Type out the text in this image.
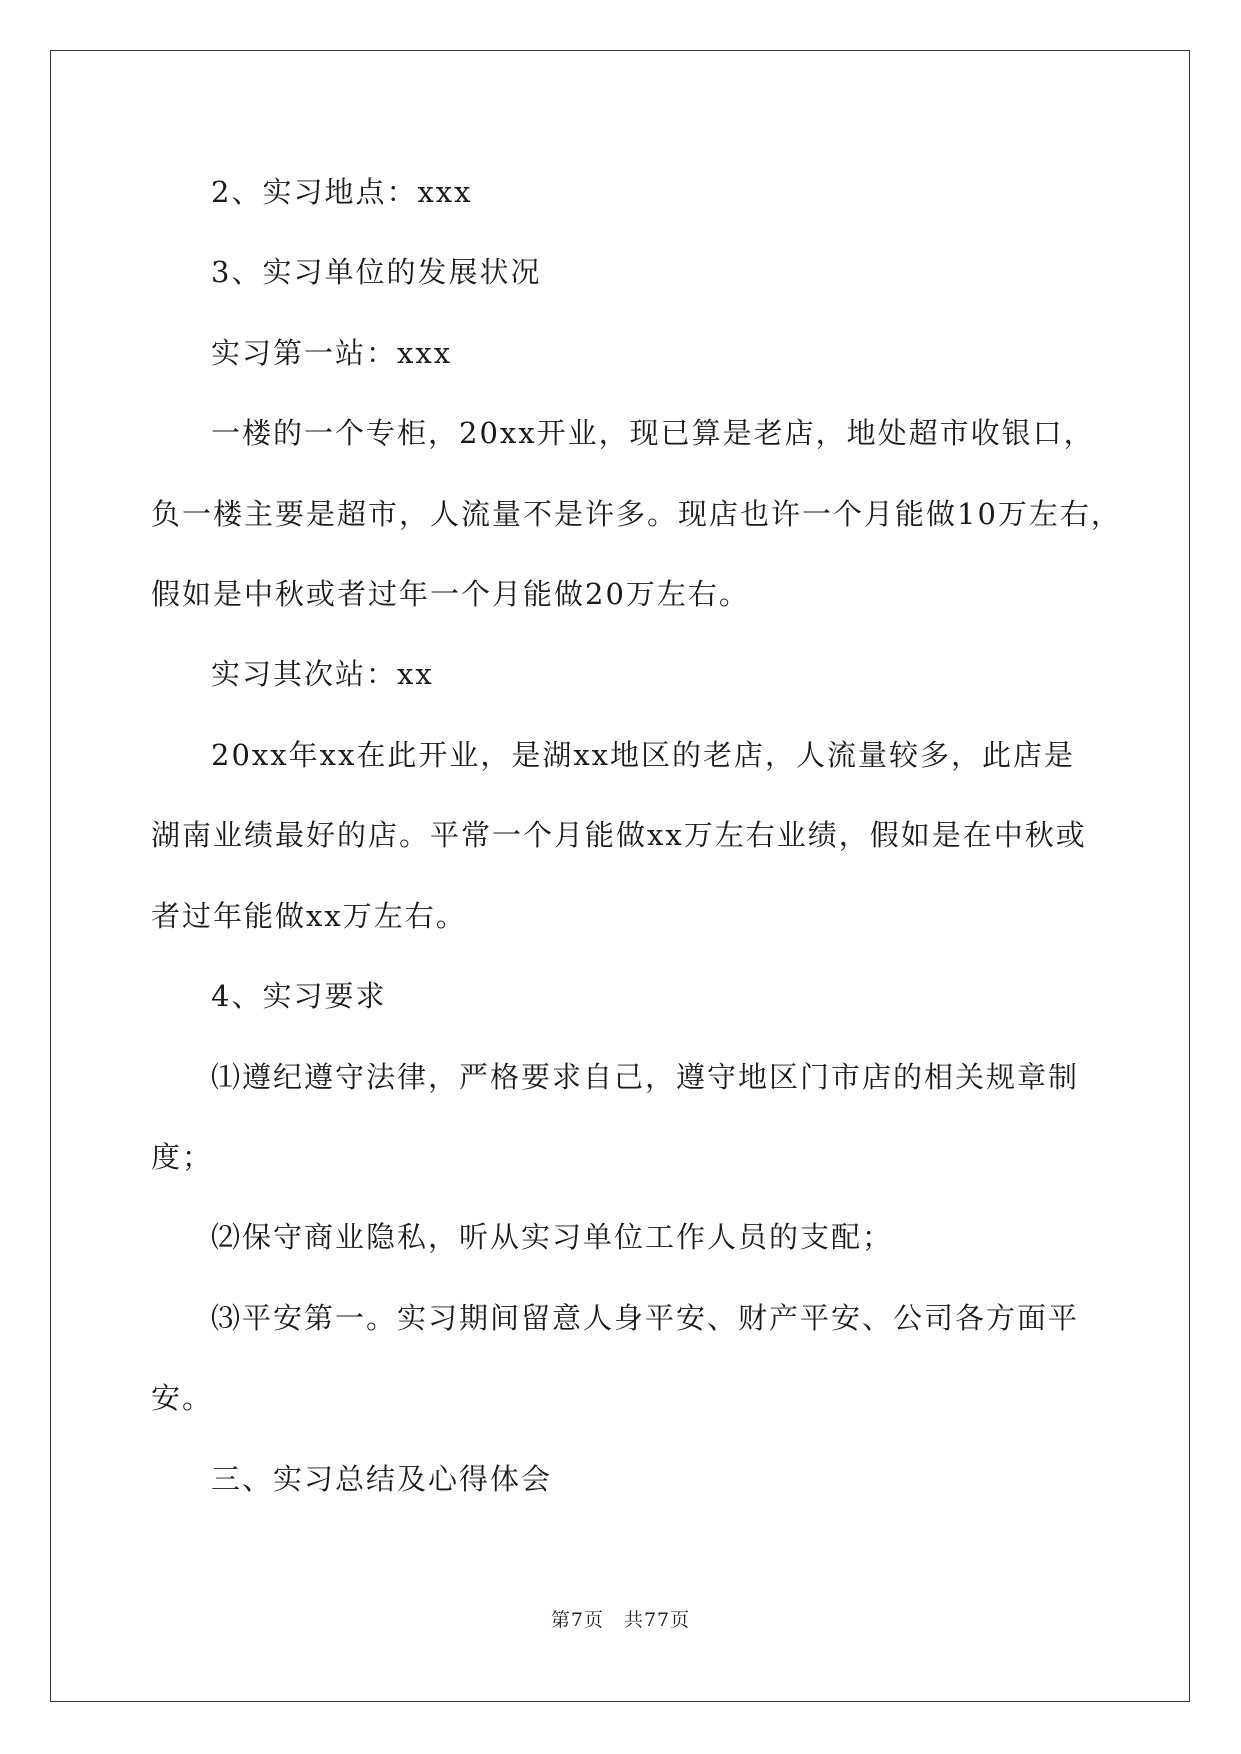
2、实习地点：xxx
3、实习单位的发展状况
实习第一站：xxx
一楼的一个专柜，20xx开业，现已算是老店，地处超市收银口，
负一楼主要是超市，人流量不是许多。现店也许一个月能做10万左右，
假如是中秋或者过年一个月能做20万左右。
实习其次站：xx
20xx年xx在此开业，是湖xx地区的老店，人流量较多，此店是
湖南业绩最好的店。平常一个月能做xx万左右业绩，假如是在中秋或
者过年能做xx万左右。
4、实习要求
⑴遵纪遵守法律，严格要求自己，遵守地区门市店的相关规章制
度；
⑵保守商业隐私，听从实习单位工作人员的支配；
⑶平安第一。实习期间留意人身平安、财产平安、公司各方面平
安。
三、实习总结及心得体会
第7页　共77页
